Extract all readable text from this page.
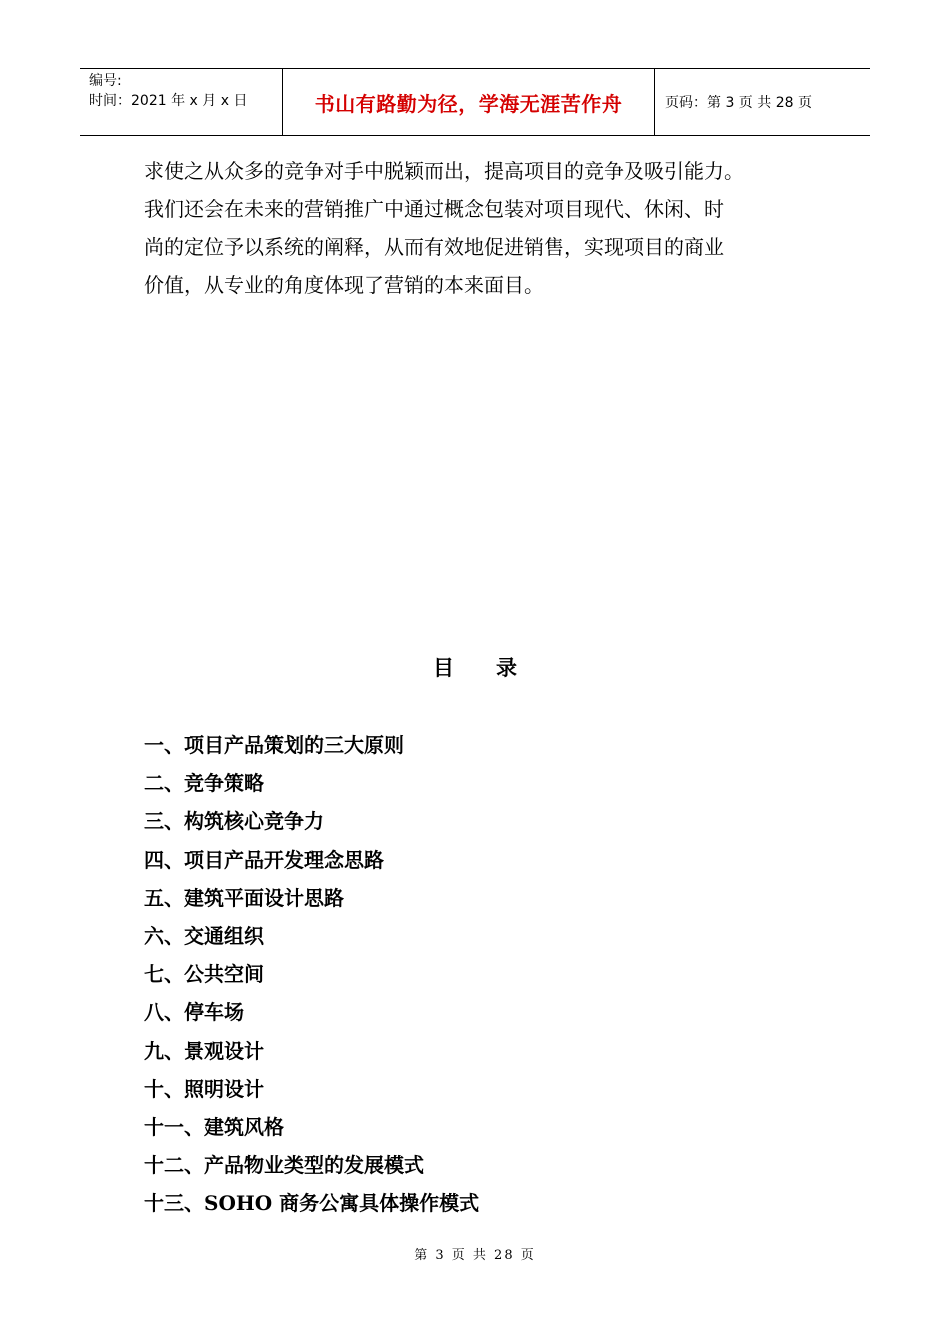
编号:
时间：2021 年 x 月 x 日	书山有路勤为径，学海无涯苦作舟	页码：第 3 页 共 28 页

求使之从众多的竞争对手中脱颖而出，提高项目的竞争及吸引能力。

我们还会在未来的营销推广中通过概念包装对项目现代、休闲、时

尚的定位予以系统的阐释，从而有效地促进销售，实现项目的商业

价值，从专业的角度体现了营销的本来面目。

目录
一、项目产品策划的三大原则
二、竞争策略
三、构筑核心竞争力
四、项目产品开发理念思路
五、建筑平面设计思路
六、交通组织
七、公共空间
八、停车场
九、景观设计
十、照明设计
十一、建筑风格
十二、产品物业类型的发展模式
十三、SOHO 商务公寓具体操作模式
第 3 页 共 28 页
